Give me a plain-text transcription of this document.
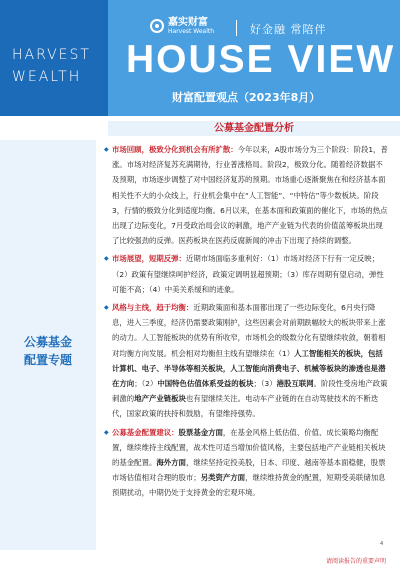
HARVEST
WEALTH
嘉实财富
Harvest Wealth	好金融 常陪伴
HOUSE VIEW
财富配置观点（2023年8月）
公募基金配置分析
公募基金
配置专题

◆ 市场回顾，极致分化到机会有所扩散：今年以来，A股市场分为三个阶段：阶段1，普涨。市场对经济复苏充满期待，行业普涨格局。阶段2，极致分化。随着经济数据不及预期，市场逐步调整了对中国经济复苏的预期。市场重心逐渐聚焦在和经济基本面相关性不大的小众线上，行业机会集中在“人工智能”、“中特估”等少数板块。阶段3，行情的极致分化到适度均衡。6月以来，在基本面和政策面的催化下，市场的热点出现了边际变化，7月受政治局会议的刺激，地产产业链为代表的价值蓝筹板块出现了比较强劲的反弹。医药板块在医药反腐新闻的冲击下出现了持续的调整。

◆ 市场展望，短期反弹：近期市场面临多重利好：（1）市场对经济下行有一定反映；（2）政策有望继续呵护经济，政策定调明显超预期；（3）库存周期有望启动，弹性可能不高；（4）中美关系缓和的迹象。

◆ 风格与主线，趋于均衡：近期政策面和基本面都出现了一些边际变化，6月央行降息，进入三季度，经济仍需要政策刚护，这些因素会对前期跌幅较大的板块带来上涨的动力。人工智能板块的优势有所收窄，市场机会的级数分化有望继续收敛，朝着相对均衡方向发展。机会相对均衡但主线有望继续在（1）人工智能相关的板块，包括计算机、电子、半导体等相关板块，人工智能向消费电子、机械等板块的渗透也是潜在方向；（2）中国特色估值体系受益的板块；（3）港股互联网。阶段性受房地产政策刺激的地产产业链板块也有望继续关注。电动车产业链的在自动驾驶技术的不断迭代，国家政策的扶持和鼓励，有望维持强势。

◆ 公募基金配置建议：股票基金方面，在基金风格上低估值、价值、成长策略均衡配置，继续维持主线配置，战术性可适当增加价值风格，主要包括地产产业链相关板块的基金配置。海外方面，继续坚持定投美股，日本、印度、越南等基本面稳健，股票市场估值相对合理的股市；另类资产方面，继续维持黄金的配置，短期受美联储加息预期扰动，中期仍处于支持黄金的宏观环境。

4
请阅读报告的重要声明
